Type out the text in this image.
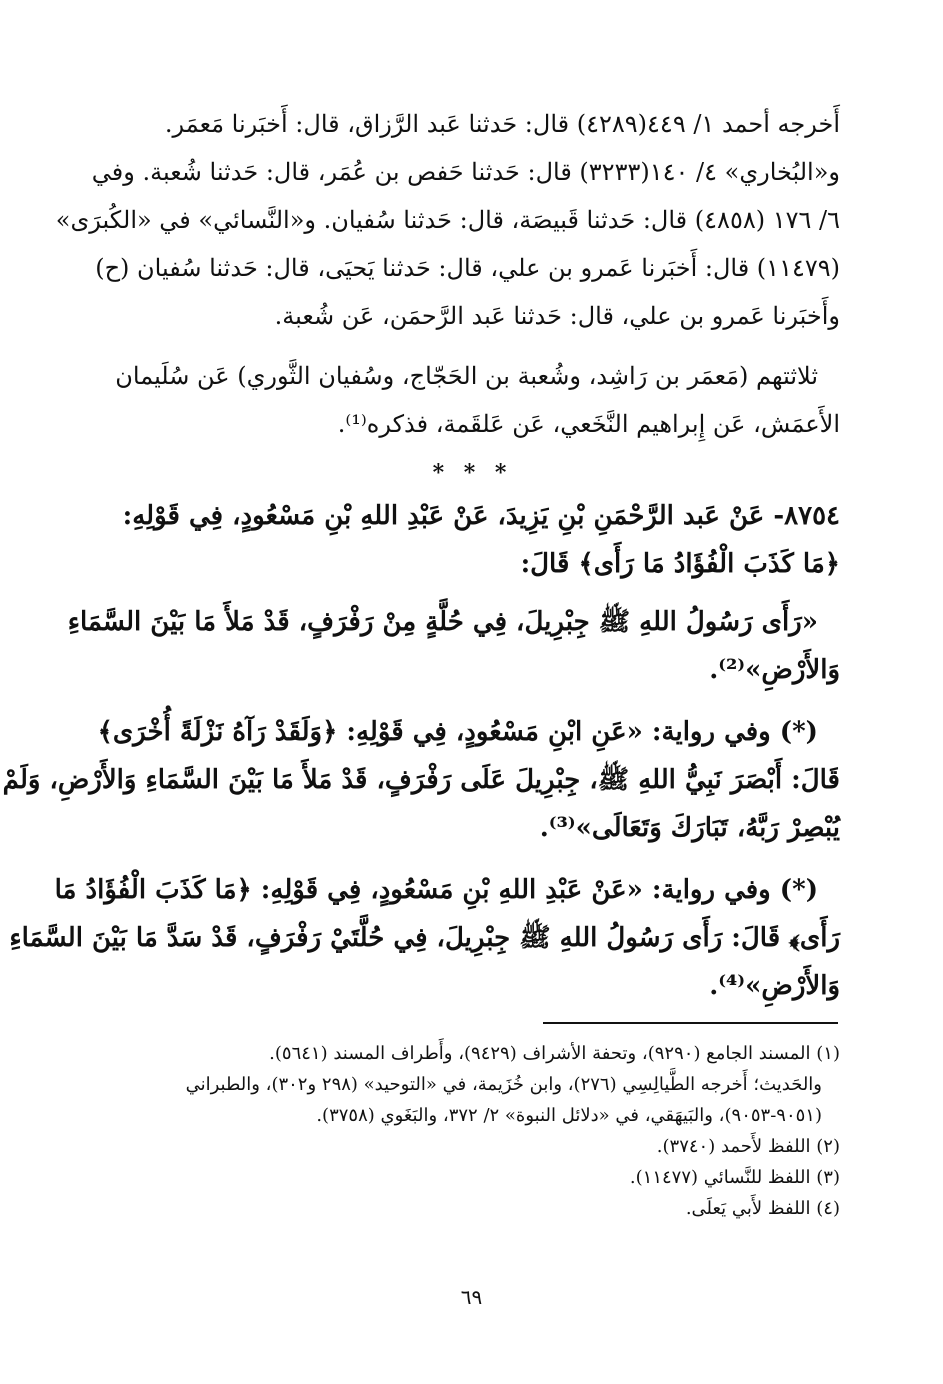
أَخرجه أحمد ١/ ٤٤٩(٤٢٨٩) قال: حَدثنا عَبد الرَّزاق، قال: أَخبَرنا مَعمَر.
و«البُخاري» ٤/ ١٤٠(٣٢٣٣) قال: حَدثنا حَفص بن عُمَر، قال: حَدثنا شُعبة. وفي
٦/ ١٧٦ (٤٨٥٨) قال: حَدثنا قَبيصَة، قال: حَدثنا سُفيان. و«النَّسائي» في «الكُبرَى»
(١١٤٧٩) قال: أَخبَرنا عَمرو بن علي، قال: حَدثنا يَحيَى، قال: حَدثنا سُفيان (ح)
وأَخبَرنا عَمرو بن علي، قال: حَدثنا عَبد الرَّحمَن، عَن شُعبة.
ثلاثتهم (مَعمَر بن رَاشِد، وشُعبة بن الحَجّاج، وسُفيان الثَّوري) عَن سُلَيمان
الأَعمَش، عَن إِبراهيم النَّخَعي، عَن عَلقَمة، فذكره⁽¹⁾.
* * *
٨٧٥٤- عَنْ عَبد الرَّحْمَنِ بْنِ يَزِيدَ، عَنْ عَبْدِ اللهِ بْنِ مَسْعُودٍ، فِي قَوْلِهِ:
﴿مَا كَذَبَ الْفُؤَادُ مَا رَأَى﴾ قَالَ:
«رَأَى رَسُولُ اللهِ ﷺ جِبْرِيلَ، فِي حُلَّةٍ مِنْ رَفْرَفٍ، قَدْ مَلأَ مَا بَيْنَ السَّمَاءِ
وَالأَرْضِ»⁽²⁾.
(*) وفي رواية: «عَنِ ابْنِ مَسْعُودٍ، فِي قَوْلِهِ: ﴿وَلَقَدْ رَآهُ نَزْلَةً أُخْرَى﴾
قَالَ: أَبْصَرَ نَبِيُّ اللهِ ﷺ، جِبْرِيلَ عَلَى رَفْرَفٍ، قَدْ مَلأَ مَا بَيْنَ السَّمَاءِ وَالأَرْضِ، وَلَمْ
يُبْصِرْ رَبَّهُ، تَبَارَكَ وَتَعَالَى»⁽³⁾.
(*) وفي رواية: «عَنْ عَبْدِ اللهِ بْنِ مَسْعُودٍ، فِي قَوْلِهِ: ﴿مَا كَذَبَ الْفُؤَادُ مَا
رَأَى﴾ قَالَ: رَأَى رَسُولُ اللهِ ﷺ جِبْرِيلَ، فِي حُلَّتَيْ رَفْرَفٍ، قَدْ سَدَّ مَا بَيْنَ السَّمَاءِ
وَالأَرْضِ»⁽⁴⁾.
(١) المسند الجامع (٩٢٩٠)، وتحفة الأشراف (٩٤٢٩)، وأَطراف المسند (٥٦٤١).
والحَديث؛ أَخرجه الطَّيالِسِي (٢٧٦)، وابن خُزَيمة، في «التوحيد» (٢٩٨ و٣٠٢)، والطبراني
(٩٠٥١-٩٠٥٣)، والبَيهَقي، في «دلائل النبوة» ٢/ ٣٧٢، والبَغَوي (٣٧٥٨).
(٢) اللفظ لأَحمد (٣٧٤٠).
(٣) اللفظ للنَّسائي (١١٤٧٧).
(٤) اللفظ لأَبي يَعلَى.
٦٩
